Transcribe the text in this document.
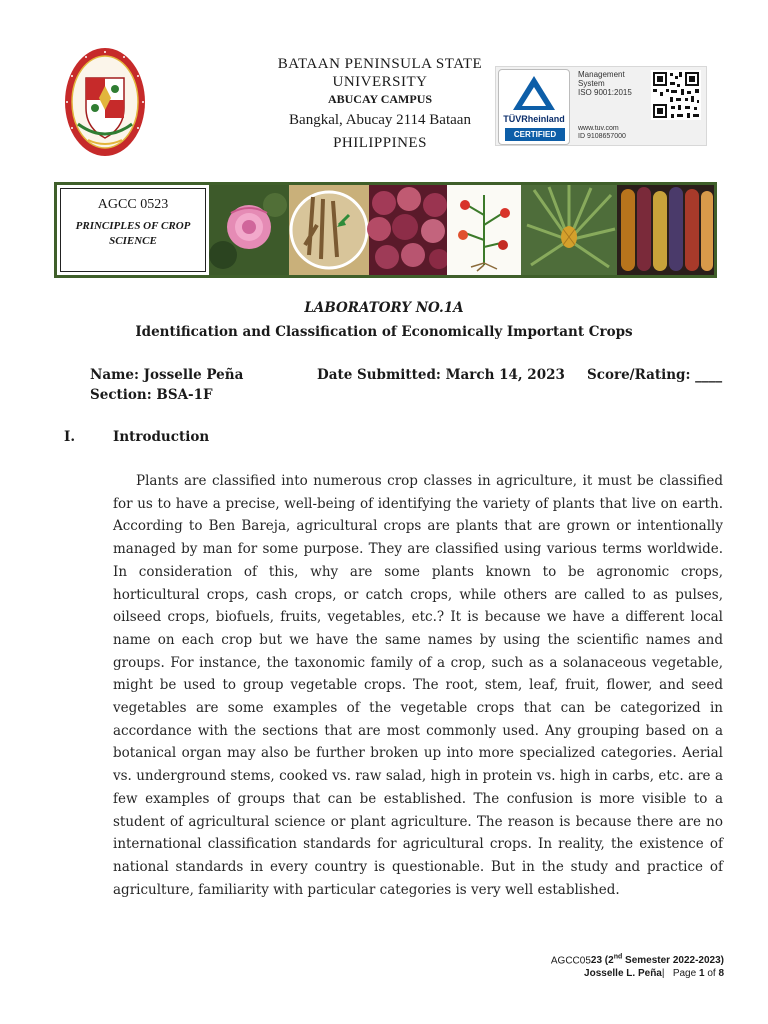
BATAAN PENINSULA STATE UNIVERSITY
ABUCAY CAMPUS
Bangkal, Abucay 2114 Bataan
PHILIPPINES
TÜVRheinland
CERTIFIED
Management
System
ISO 9001:2015
www.tuv.com
ID 9108657000
AGCC 0523
PRINCIPLES OF CROP SCIENCE
LABORATORY NO.1A
Identification and Classification of Economically Important Crops
Name: Josselle Peña
Section: BSA-1F
Date Submitted: March 14, 2023 Score/Rating: ____
I.	Introduction

Plants are classified into numerous crop classes in agriculture, it must be classified for us to have a precise, well-being of identifying the variety of plants that live on earth. According to Ben Bareja, agricultural crops are plants that are grown or intentionally managed by man for some purpose. They are classified using various terms worldwide. In consideration of this, why are some plants known to be agronomic crops, horticultural crops, cash crops, or catch crops, while others are called to as pulses, oilseed crops, biofuels, fruits, vegetables, etc.? It is because we have a different local name on each crop but we have the same names by using the scientific names and groups. For instance, the taxonomic family of a crop, such as a solanaceous vegetable, might be used to group vegetable crops. The root, stem, leaf, fruit, flower, and seed vegetables are some examples of the vegetable crops that can be categorized in accordance with the sections that are most commonly used. Any grouping based on a botanical organ may also be further broken up into more specialized categories. Aerial vs. underground stems, cooked vs. raw salad, high in protein vs. high in carbs, etc. are a few examples of groups that can be established. The confusion is more visible to a student of agricultural science or plant agriculture. The reason is because there are no international classification standards for agricultural crops. In reality, the existence of national standards in every country is questionable. But in the study and practice of agriculture, familiarity with particular categories is very well established.

AGCC0523 (2nd Semester 2022-2023)
Josselle L. Peña| Page 1 of 8
